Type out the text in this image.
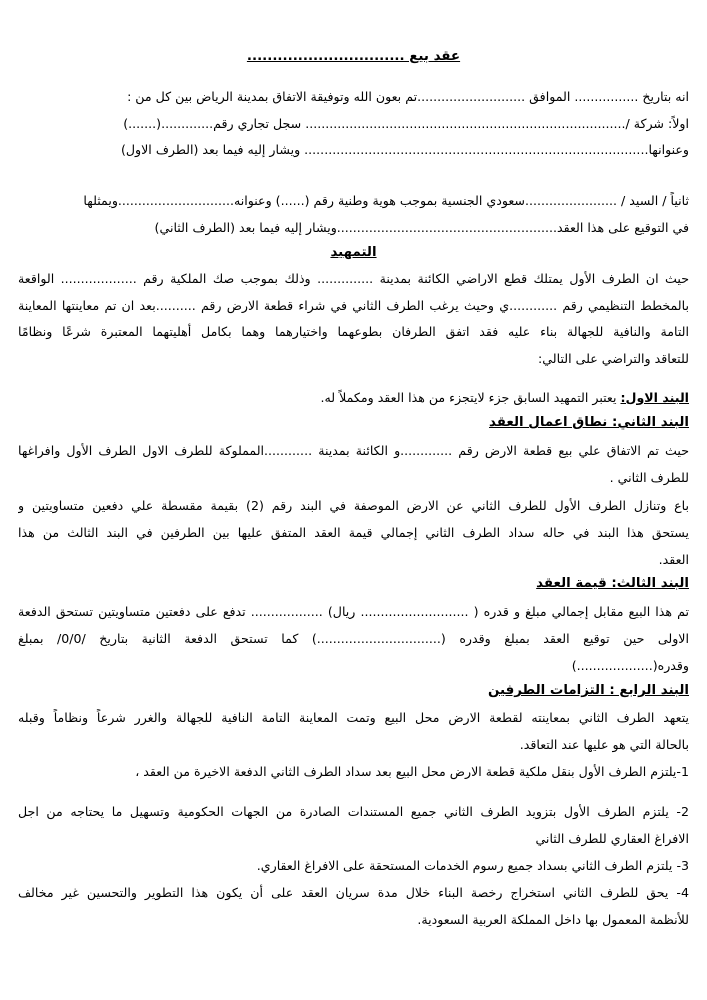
عقد بيع ...............................
انه بتاريخ ................ الموافق ...........................تم بعون الله وتوفيقة الاتفاق بمدينة الرياض بين كل من :
اولاً: شركة /................................................................................ سجل تجاري رقم.............(.......)
وعنوانها...................................................................................... ويشار إليه فيما بعد (الطرف الاول)
ثانياً / السيد / .......................سعودي الجنسية بموجب هوية وطنية رقم (......) وعنوانه.............................ويمثلها
في التوقيع على هذا العقد.......................................................ويشار إليه فيما بعد (الطرف الثاني)
التمهيد
حيث ان الطرف الأول يمتلك قطع الاراضي الكائنة بمدينة .............. وذلك بموجب صك الملكية رقم ................... الواقعة
بالمخطط التنظيمي رقم ............ي وحيث يرغب الطرف الثاني في شراء قطعة الارض رقم ..........بعد ان تم معاينتها المعاينة
التامة والنافية للجهالة بناء عليه فقد اتفق الطرفان بطوعهما واختيارهما وهما بكامل أهليتهما المعتبرة شرعًا ونظامًا
للتعاقد والتراضي على التالي:
البند الاول: يعتبر التمهيد السابق جزء لايتجزء من هذا العقد ومكملاً له.
البند الثاني: نطاق اعمال العقد
حيث تم الاتفاق علي بيع قطعة الارض رقم .............و الكائنة بمدينة ............المملوكة للطرف الاول الطرف الأول وافراغها
للطرف الثاني .
باع وتنازل الطرف الأول للطرف الثاني عن الارض الموصفة في البند رقم (2) بقيمة مقسطة علي دفعين متساويتين و
يستحق هذا البند في حاله سداد الطرف الثاني إجمالي قيمة العقد المتفق عليها بين الطرفين في البند الثالث من هذا
العقد.
البند الثالث: قيمة العقد
تم هذا البيع مقابل إجمالي مبلغ و قدره ( ........................... ريال) .................. تدفع على دفعتين متساويتين تستحق الدفعة
الاولى حين توقيع العقد بمبلغ وقدره (...............................) كما تستحق الدفعة الثانية بتاريخ /0/0/ بمبلغ
وقدره(...................)
البند الرابع : التزامات الطرفين
يتعهد الطرف الثاني بمعاينته لقطعة الارض محل البيع وتمت المعاينة التامة النافية للجهالة والغرر شرعاً ونظاماً وقبله
بالحالة التي هو عليها عند التعاقد.
1-يلتزم الطرف الأول بنقل ملكية قطعة الارض محل البيع بعد سداد الطرف الثاني الدفعة الاخيرة من العقد ،
2- يلتزم الطرف الأول بتزويد الطرف الثاني جميع المستندات الصادرة من الجهات الحكومية وتسهيل ما يحتاجه من اجل
الافراغ العقاري للطرف الثاني
3- يلتزم الطرف الثاني بسداد جميع رسوم الخدمات المستحقة على الافراغ العقاري.
4- يحق للطرف الثاني استخراج رخصة البناء خلال مدة سريان العقد على أن يكون هذا التطوير والتحسين غير مخالف
للأنظمة المعمول بها داخل المملكة العربية السعودية.
